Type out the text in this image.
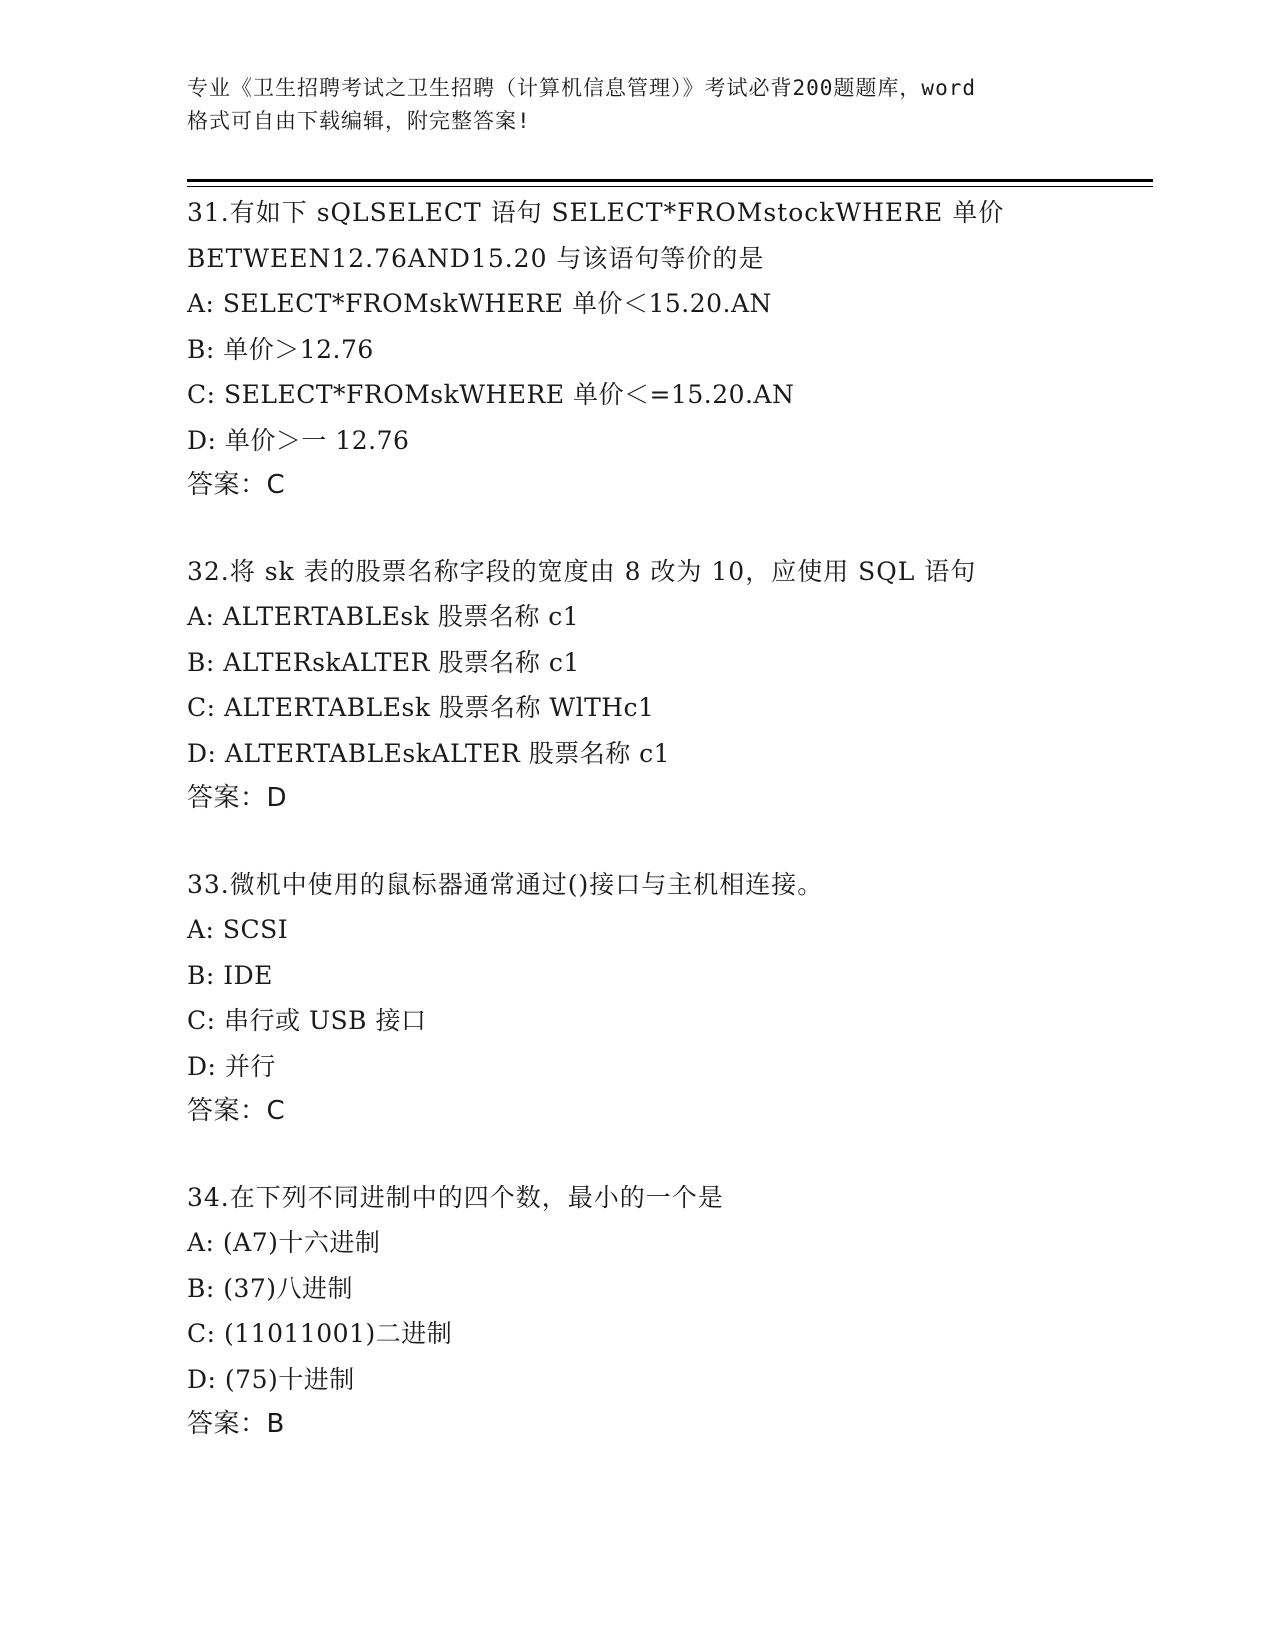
专业《卫生招聘考试之卫生招聘（计算机信息管理）》考试必背200题题库，word
格式可自由下载编辑，附完整答案!
31.有如下 sQLSELECT 语句 SELECT*FROMstockWHERE 单价
BETWEEN12.76AND15.20 与该语句等价的是
A: SELECT*FROMskWHERE 单价＜15.20.AN
B: 单价＞12.76
C: SELECT*FROMskWHERE 单价＜=15.20.AN
D: 单价＞一 12.76
答案：C
32.将 sk 表的股票名称字段的宽度由 8 改为 10，应使用 SQL 语句
A: ALTERTABLEsk 股票名称 c1
B: ALTERskALTER 股票名称 c1
C: ALTERTABLEsk 股票名称 WlTHc1
D: ALTERTABLEskALTER 股票名称 c1
答案：D
33.微机中使用的鼠标器通常通过()接口与主机相连接。
A: SCSI
B: IDE
C: 串行或 USB 接口
D: 并行
答案：C
34.在下列不同进制中的四个数，最小的一个是
A: (A7)十六进制
B: (37)八进制
C: (11011001)二进制
D: (75)十进制
答案：B
